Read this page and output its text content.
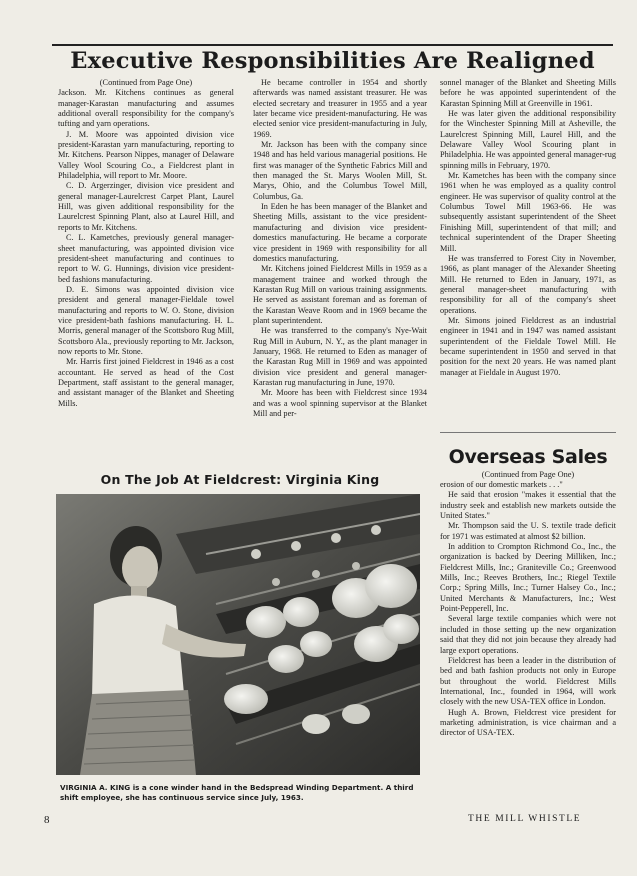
Executive Responsibilities Are Realigned

(Continued from Page One)

Jackson. Mr. Kitchens continues as general manager-Karastan manufacturing and assumes additional overall responsibility for the company's tufting and yarn operations.

J. M. Moore was appointed division vice president-Karastan yarn manufacturing, reporting to Mr. Kitchens. Pearson Nippes, manager of Delaware Valley Wool Scouring Co., a Fieldcrest plant in Philadelphia, will report to Mr. Moore.

C. D. Argerzinger, division vice president and general manager-Laurelcrest Carpet Plant, Laurel Hill, was given additional responsibility for the Laurelcrest Spinning Plant, also at Laurel Hill, and reports to Mr. Kitchens.

C. L. Kametches, previously general manager-sheet manufacturing, was appointed division vice president-sheet manufacturing and continues to report to W. G. Hunnings, division vice president-bed fashions manufacturing.

D. E. Simons was appointed division vice president and general manager-Fieldale towel manufacturing and reports to W. O. Stone, division vice president-bath fashions manufacturing. H. L. Morris, general manager of the Scottsboro Rug Mill, Scottsboro Ala., previously reporting to Mr. Jackson, now reports to Mr. Stone.

Mr. Harris first joined Fieldcrest in 1946 as a cost accountant. He served as head of the Cost Department, staff assistant to the general manager, and assistant manager of the Blanket and Sheeting Mills.

He became controller in 1954 and shortly afterwards was named assistant treasurer. He was elected secretary and treasurer in 1955 and a year later became vice president-manufacturing. He was elected senior vice president-manufacturing in July, 1969.

Mr. Jackson has been with the company since 1948 and has held various managerial positions. He first was manager of the Synthetic Fabrics Mill and then managed the St. Marys Woolen Mill, St. Marys, Ohio, and the Columbus Towel Mill, Columbus, Ga.

In Eden he has been manager of the Blanket and Sheeting Mills, assistant to the vice president-manufacturing and division vice president-domestics manufacturing. He became a corporate vice president in 1969 with responsibility for all domestics manufacturing.

Mr. Kitchens joined Fieldcrest Mills in 1959 as a management trainee and worked through the Karastan Rug Mill on various training assignments. He served as assistant foreman and as foreman of the Karastan Weave Room and in 1969 became the plant superintendent.

He was transferred to the company's Nye-Wait Rug Mill in Auburn, N. Y., as the plant manager in January, 1968. He returned to Eden as manager of the Karastan Rug Mill in 1969 and was appointed division vice president and general manager-Karastan rug manufacturing in June, 1970.

Mr. Moore has been with Fieldcrest since 1934 and was a wool spinning supervisor at the Blanket Mill and per-

sonnel manager of the Blanket and Sheeting Mills before he was appointed superintendent of the Karastan Spinning Mill at Greenville in 1961.

He was later given the additional responsibility for the Winchester Spinning Mill at Asheville, the Laurelcrest Spinning Mill, Laurel Hill, and the Delaware Valley Wool Scouring plant in Philadelphia. He was appointed general manager-rug spinning mills in February, 1970.

Mr. Kametches has been with the company since 1961 when he was employed as a quality control engineer. He was supervisor of quality control at the Columbus Towel Mill 1963-66. He was subsequently assistant superintendent of the Sheet Finishing Mill, superintendent of that mill; and technical superintendent of the Draper Sheeting Mill.

He was transferred to Forest City in November, 1966, as plant manager of the Alexander Sheeting Mill. He returned to Eden in January, 1971, as general manager-sheet manufacturing with responsibility for all of the company's sheet operations.

Mr. Simons joined Fieldcrest as an industrial engineer in 1941 and in 1947 was named assistant superintendent of the Fieldale Towel Mill. He became superintendent in 1950 and served in that position for the next 20 years. He was named plant manager at Fieldale in August 1970.

On The Job At Fieldcrest: Virginia King
VIRGINIA A. KING is a cone winder hand in the Bedspread Winding Department. A third shift employee, she has continuous service since July, 1963.
Overseas Sales

(Continued from Page One)

erosion of our domestic markets . . ."

He said that erosion "makes it essential that the industry seek and establish new markets outside the United States."

Mr. Thompson said the U. S. textile trade deficit for 1971 was estimated at almost $2 billion.

In addition to Crompton Richmond Co., Inc., the organization is backed by Deering Milliken, Inc.; Fieldcrest Mills, Inc.; Graniteville Co.; Greenwood Mills, Inc.; Reeves Brothers, Inc.; Riegel Textile Corp.; Spring Mills, Inc.; Turner Halsey Co., Inc.; United Merchants & Manufacturers, Inc.; West Point-Pepperell, Inc.

Several large textile companies which were not included in those setting up the new organization said that they did not join because they already had large export operations.

Fieldcrest has been a leader in the distribution of bed and bath fashion products not only in Europe but throughout the world. Fieldcrest Mills International, Inc., founded in 1964, will work closely with the new USA-TEX office in London.

Hugh A. Brown, Fieldcrest vice president for marketing administration, is vice chairman and a director of USA-TEX.

8	THE MILL WHISTLE
